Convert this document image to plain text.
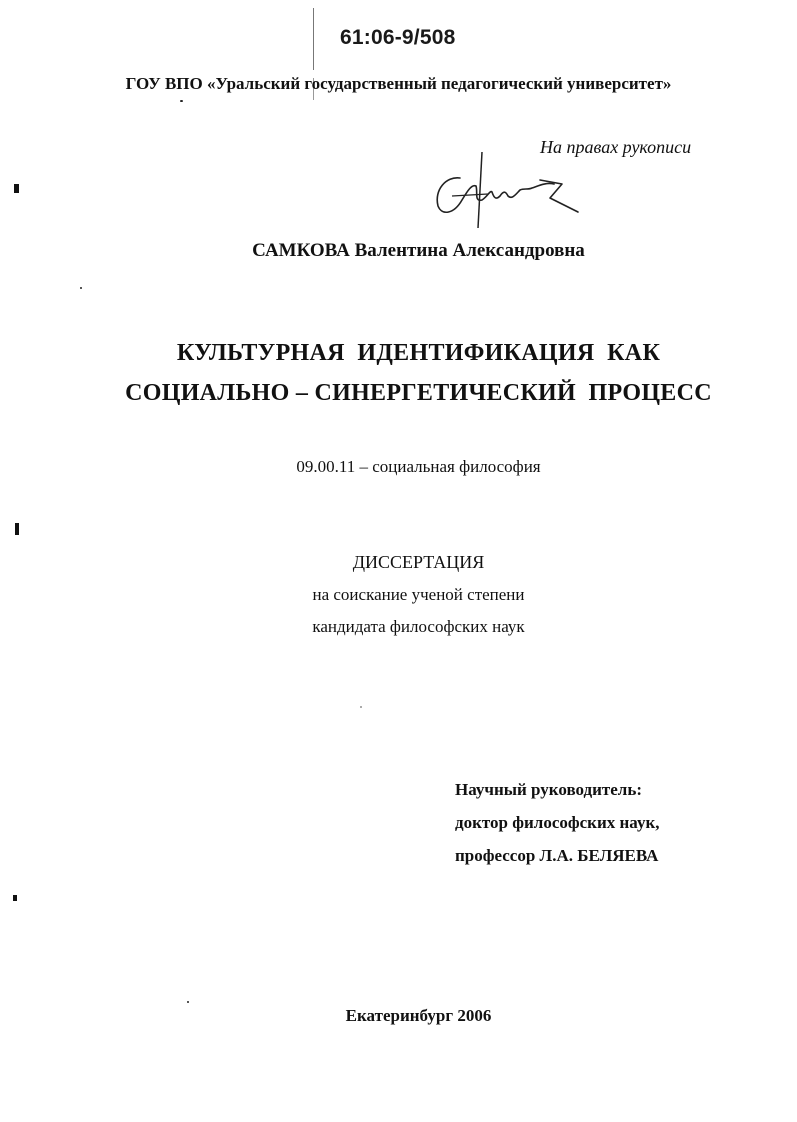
61:06-9/508
ГОУ ВПО «Уральский государственный педагогический университет»
На правах рукописи
САМКОВА Валентина Александровна
КУЛЬТУРНАЯ  ИДЕНТИФИКАЦИЯ  КАК
СОЦИАЛЬНО – СИНЕРГЕТИЧЕСКИЙ  ПРОЦЕСС
09.00.11 – социальная философия
ДИССЕРТАЦИЯ
на соискание ученой степени
кандидата философских наук
Научный руководитель:
доктор философских наук,
профессор Л.А. БЕЛЯЕВА
Екатеринбург 2006
